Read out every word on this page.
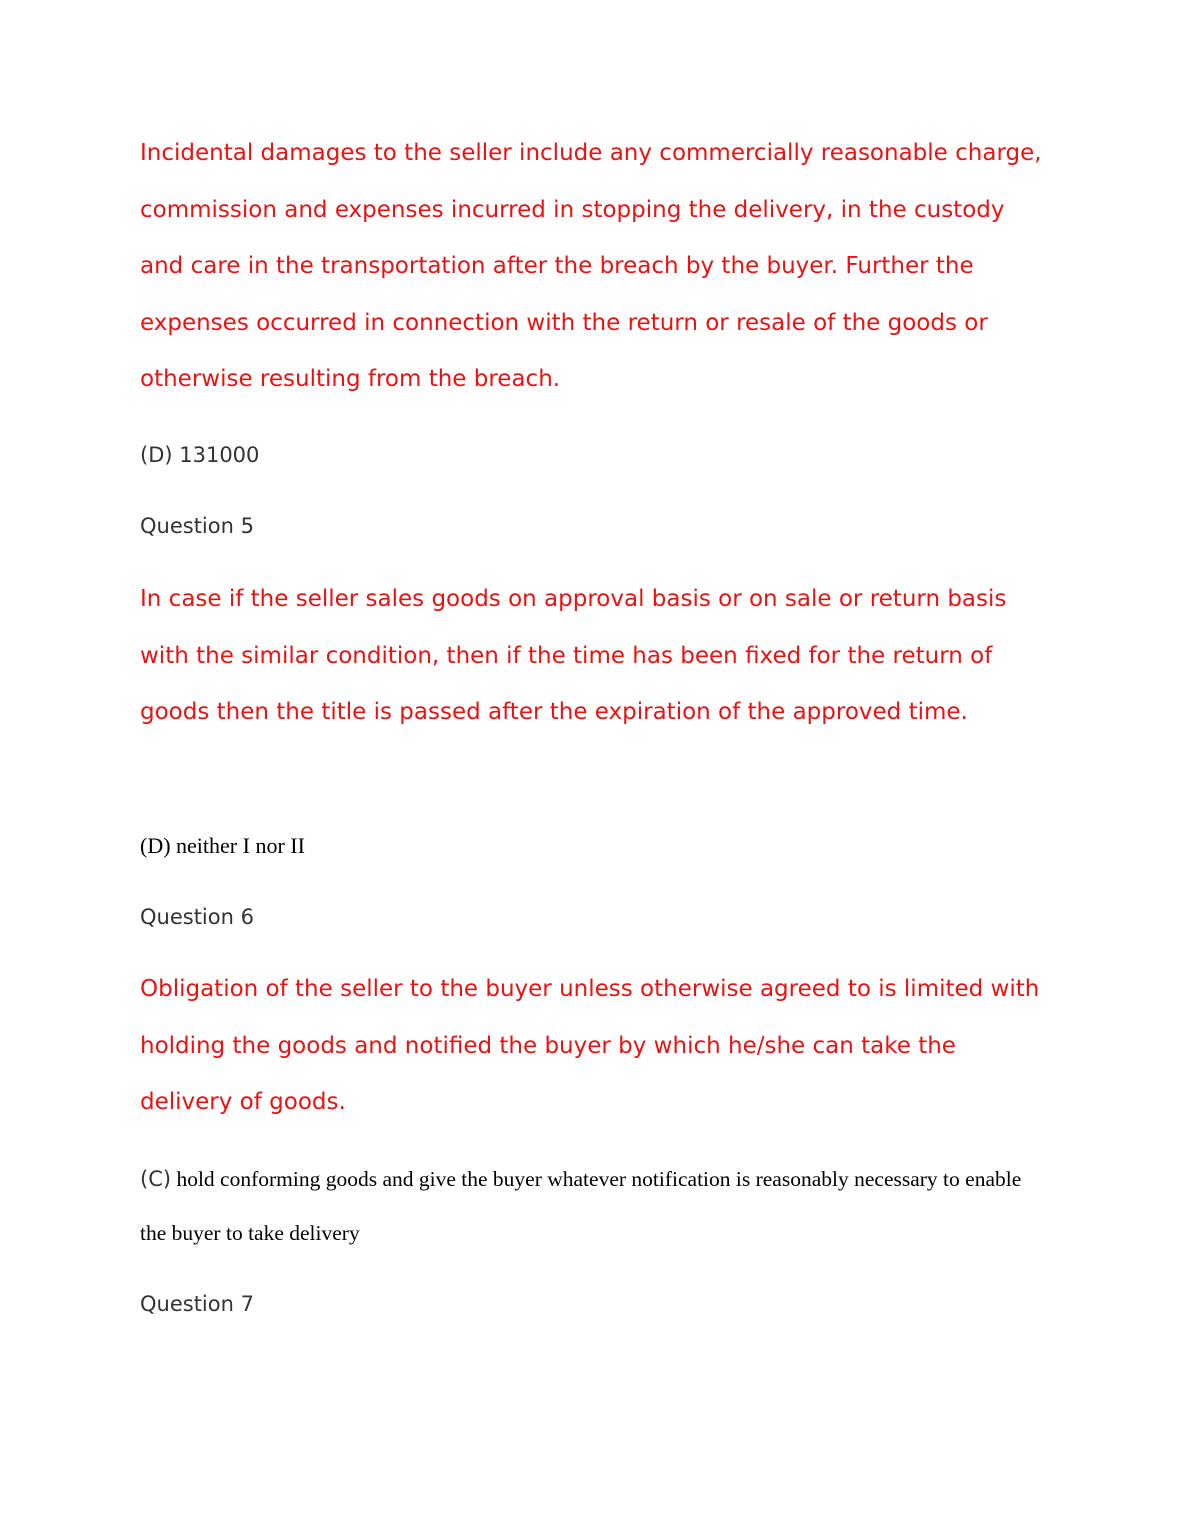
Incidental damages to the seller include any commercially reasonable charge, commission and expenses incurred in stopping the delivery, in the custody and care in the transportation after the breach by the buyer. Further the expenses occurred in connection with the return or resale of the goods or otherwise resulting from the breach.

(D) 131000

Question 5

In case if the seller sales goods on approval basis or on sale or return basis with the similar condition, then if the time has been fixed for the return of goods then the title is passed after the expiration of the approved time.

(D) neither I nor II

Question 6

Obligation of the seller to the buyer unless otherwise agreed to is limited with holding the goods and notified the buyer by which he/she can take the delivery of goods.

(C) hold conforming goods and give the buyer whatever notification is reasonably necessary to enable the buyer to take delivery

Question 7
